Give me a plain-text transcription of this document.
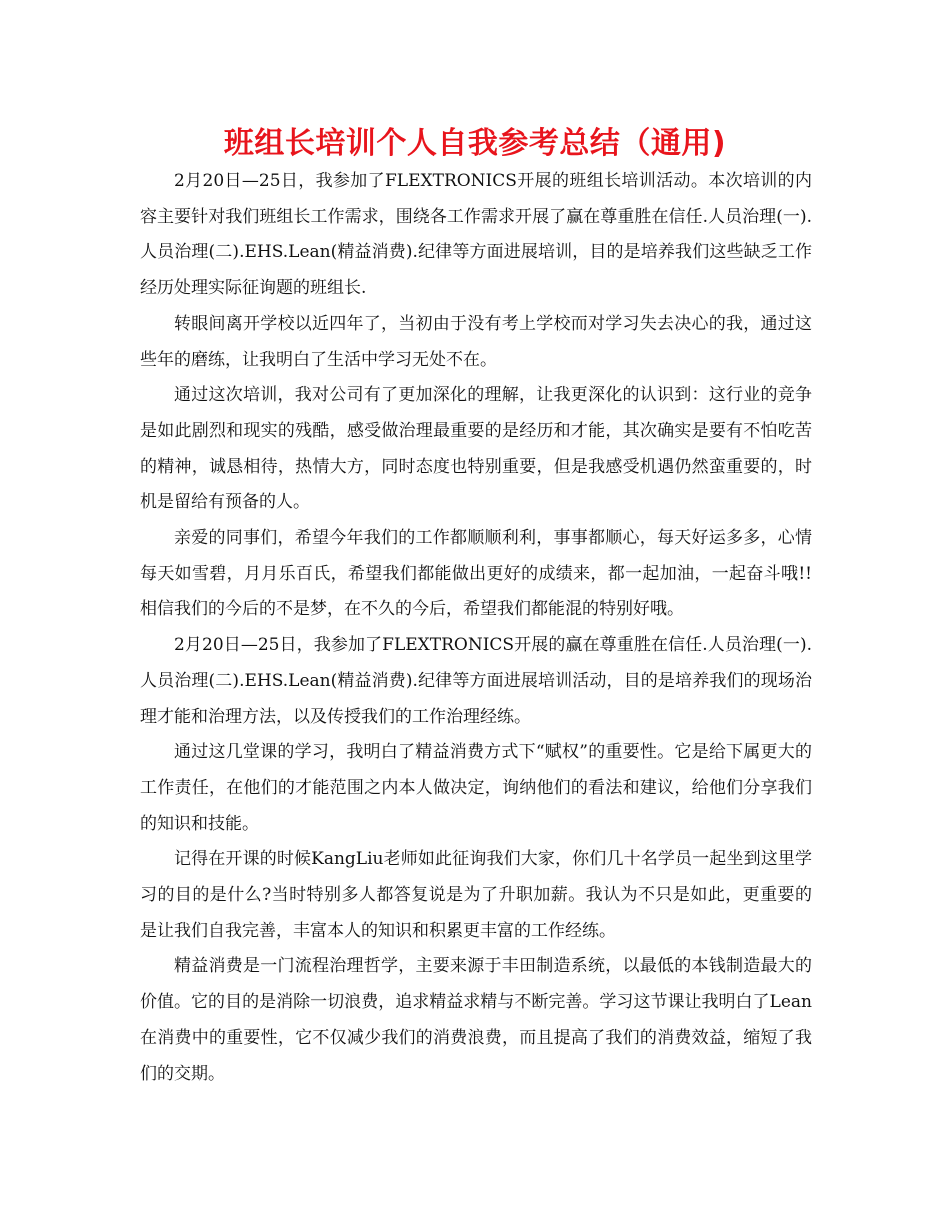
班组长培训个人自我参考总结（通用)

2月20日—25日，我参加了FLEXTRONICS开展的班组长培训活动。本次培训的内容主要针对我们班组长工作需求，围绕各工作需求开展了赢在尊重胜在信任.人员治理(一).人员治理(二).EHS.Lean(精益消费).纪律等方面进展培训，目的是培养我们这些缺乏工作经历处理实际征询题的班组长.

转眼间离开学校以近四年了，当初由于没有考上学校而对学习失去决心的我，通过这些年的磨练，让我明白了生活中学习无处不在。

通过这次培训，我对公司有了更加深化的理解，让我更深化的认识到：这行业的竞争是如此剧烈和现实的残酷，感受做治理最重要的是经历和才能，其次确实是要有不怕吃苦的精神，诚恳相待，热情大方，同时态度也特别重要，但是我感受机遇仍然蛮重要的，时机是留给有预备的人。

亲爱的同事们，希望今年我们的工作都顺顺利利，事事都顺心，每天好运多多，心情每天如雪碧，月月乐百氏，希望我们都能做出更好的成绩来，都一起加油，一起奋斗哦!!相信我们的今后的不是梦，在不久的今后，希望我们都能混的特别好哦。

2月20日—25日，我参加了FLEXTRONICS开展的赢在尊重胜在信任.人员治理(一).人员治理(二).EHS.Lean(精益消费).纪律等方面进展培训活动，目的是培养我们的现场治理才能和治理方法，以及传授我们的工作治理经练。

通过这几堂课的学习，我明白了精益消费方式下“赋权”的重要性。它是给下属更大的工作责任，在他们的才能范围之内本人做决定，询纳他们的看法和建议，给他们分享我们的知识和技能。

记得在开课的时候KangLiu老师如此征询我们大家，你们几十名学员一起坐到这里学习的目的是什么?当时特别多人都答复说是为了升职加薪。我认为不只是如此，更重要的是让我们自我完善，丰富本人的知识和积累更丰富的工作经练。

精益消费是一门流程治理哲学，主要来源于丰田制造系统，以最低的本钱制造最大的价值。它的目的是消除一切浪费，追求精益求精与不断完善。学习这节课让我明白了Lean在消费中的重要性，它不仅减少我们的消费浪费，而且提高了我们的消费效益，缩短了我们的交期。
